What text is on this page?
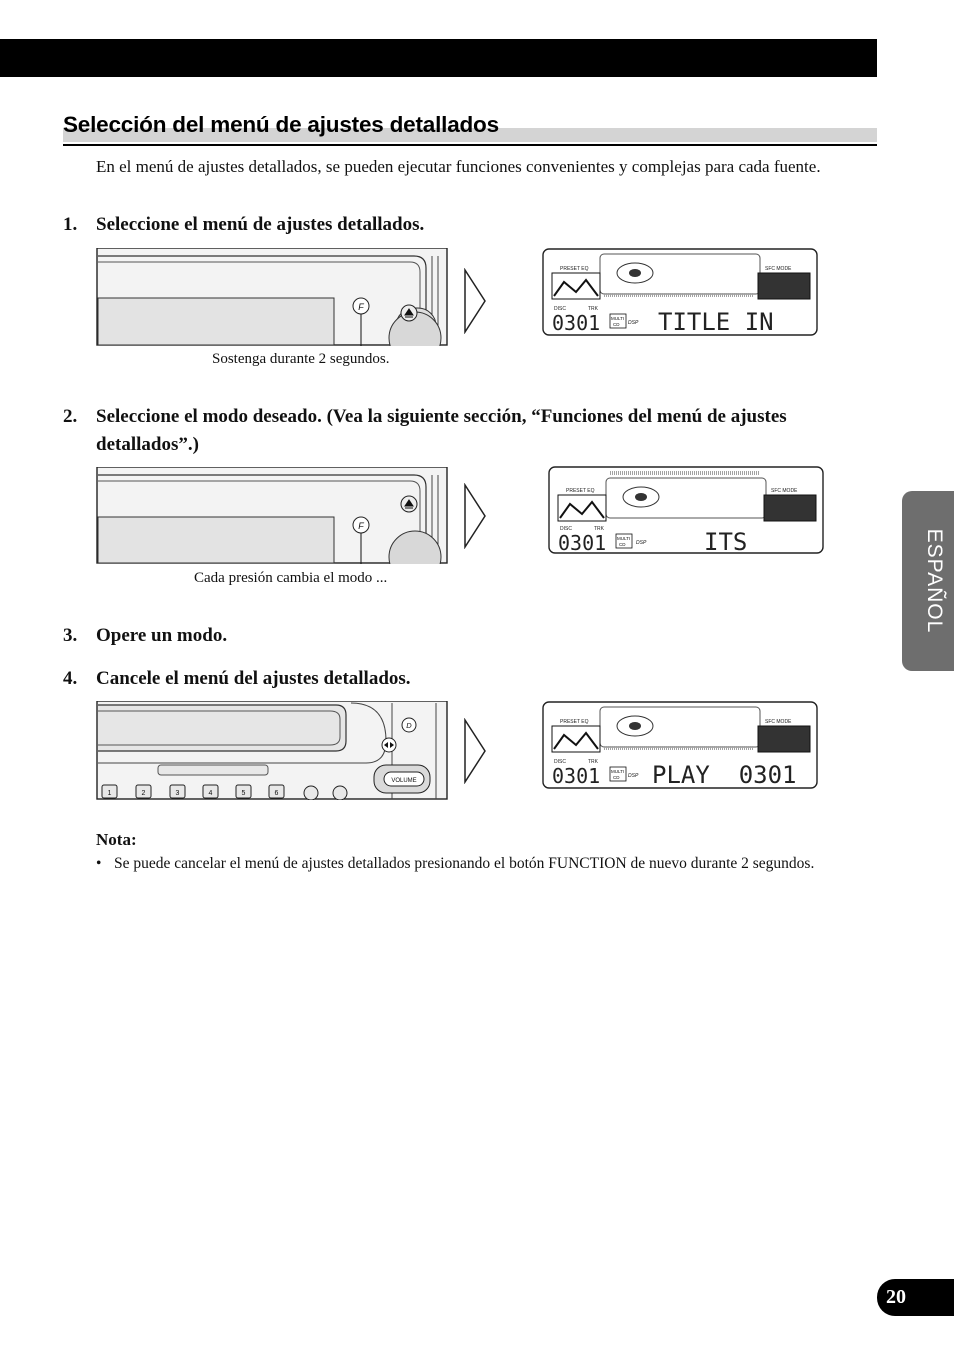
Selección del menú de ajustes detallados
En el menú de ajustes detallados, se pueden ejecutar funciones convenientes y complejas para cada fuente.
1. Seleccione el menú de ajustes detallados.
F
PRESET EQ	SFC MODE
DISC	TRK
0301 MULTI
CD DSP TITLE IN
Sostenga durante 2 segundos.
2. Seleccione el modo deseado. (Vea la siguiente sección, “Funciones del menú de ajustes detallados”.)
F
PRESET EQ	SFC MODE
DISC	TRK
0301 MULTI
CD DSP ITS
Cada presión cambia el modo ...
3. Opere un modo.
4. Cancele el menú del ajustes detallados.
D
VOLUME
1	2	3	4	5	6
PRESET EQ	SFC MODE
DISC	TRK
0301 MULTI
CD DSP PLAY  0301
Nota:
• Se puede cancelar el menú de ajustes detallados presionando el botón FUNCTION de nuevo durante 2 segundos.
ESPAÑOL
20
